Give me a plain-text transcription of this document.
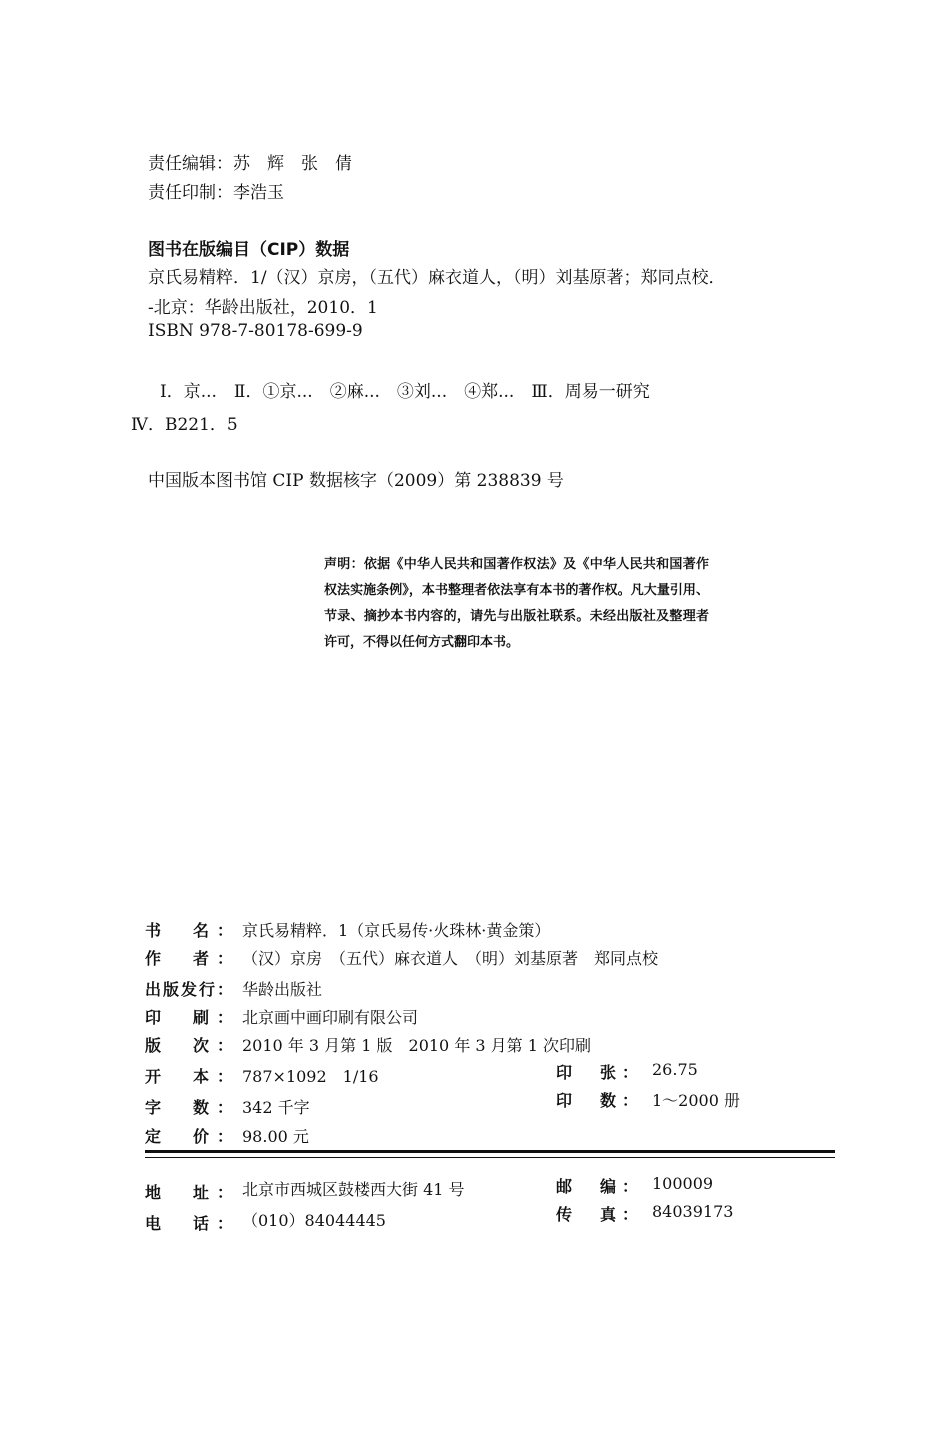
责任编辑：苏　辉　张　倩
责任印制：李浩玉
图书在版编目（CIP）数据
京氏易精粹．1/（汉）京房，（五代）麻衣道人，（明）刘基原著；郑同点校．
-北京：华龄出版社，2010．1
ISBN 978-7-80178-699-9
Ⅰ．京...　Ⅱ．①京...　②麻...　③刘...　④郑...　Ⅲ．周易一研究
Ⅳ．B221．5
中国版本图书馆 CIP 数据核字（2009）第 238839 号
声明：依据《中华人民共和国著作权法》及《中华人民共和国著作权法实施条例》，本书整理者依法享有本书的著作权。凡大量引用、节录、摘抄本书内容的，请先与出版社联系。未经出版社及整理者许可，不得以任何方式翻印本书。
书　名： 京氏易精粹．1（京氏易传·火珠林·黄金策）
作　者： （汉）京房　（五代）麻衣道人　（明）刘基原著　郑同点校
出版发行： 华龄出版社
印　刷： 北京画中画印刷有限公司
版　次： 2010 年 3 月第 1 版　2010 年 3 月第 1 次印刷
开　本： 787×1092　1/16	印　张： 26.75
字　数： 342 千字	印　数： 1～2000 册
定　价： 98.00 元
地　址： 北京市西城区鼓楼西大街 41 号	邮　编： 100009
电　话： （010）84044445	传　真： 84039173
